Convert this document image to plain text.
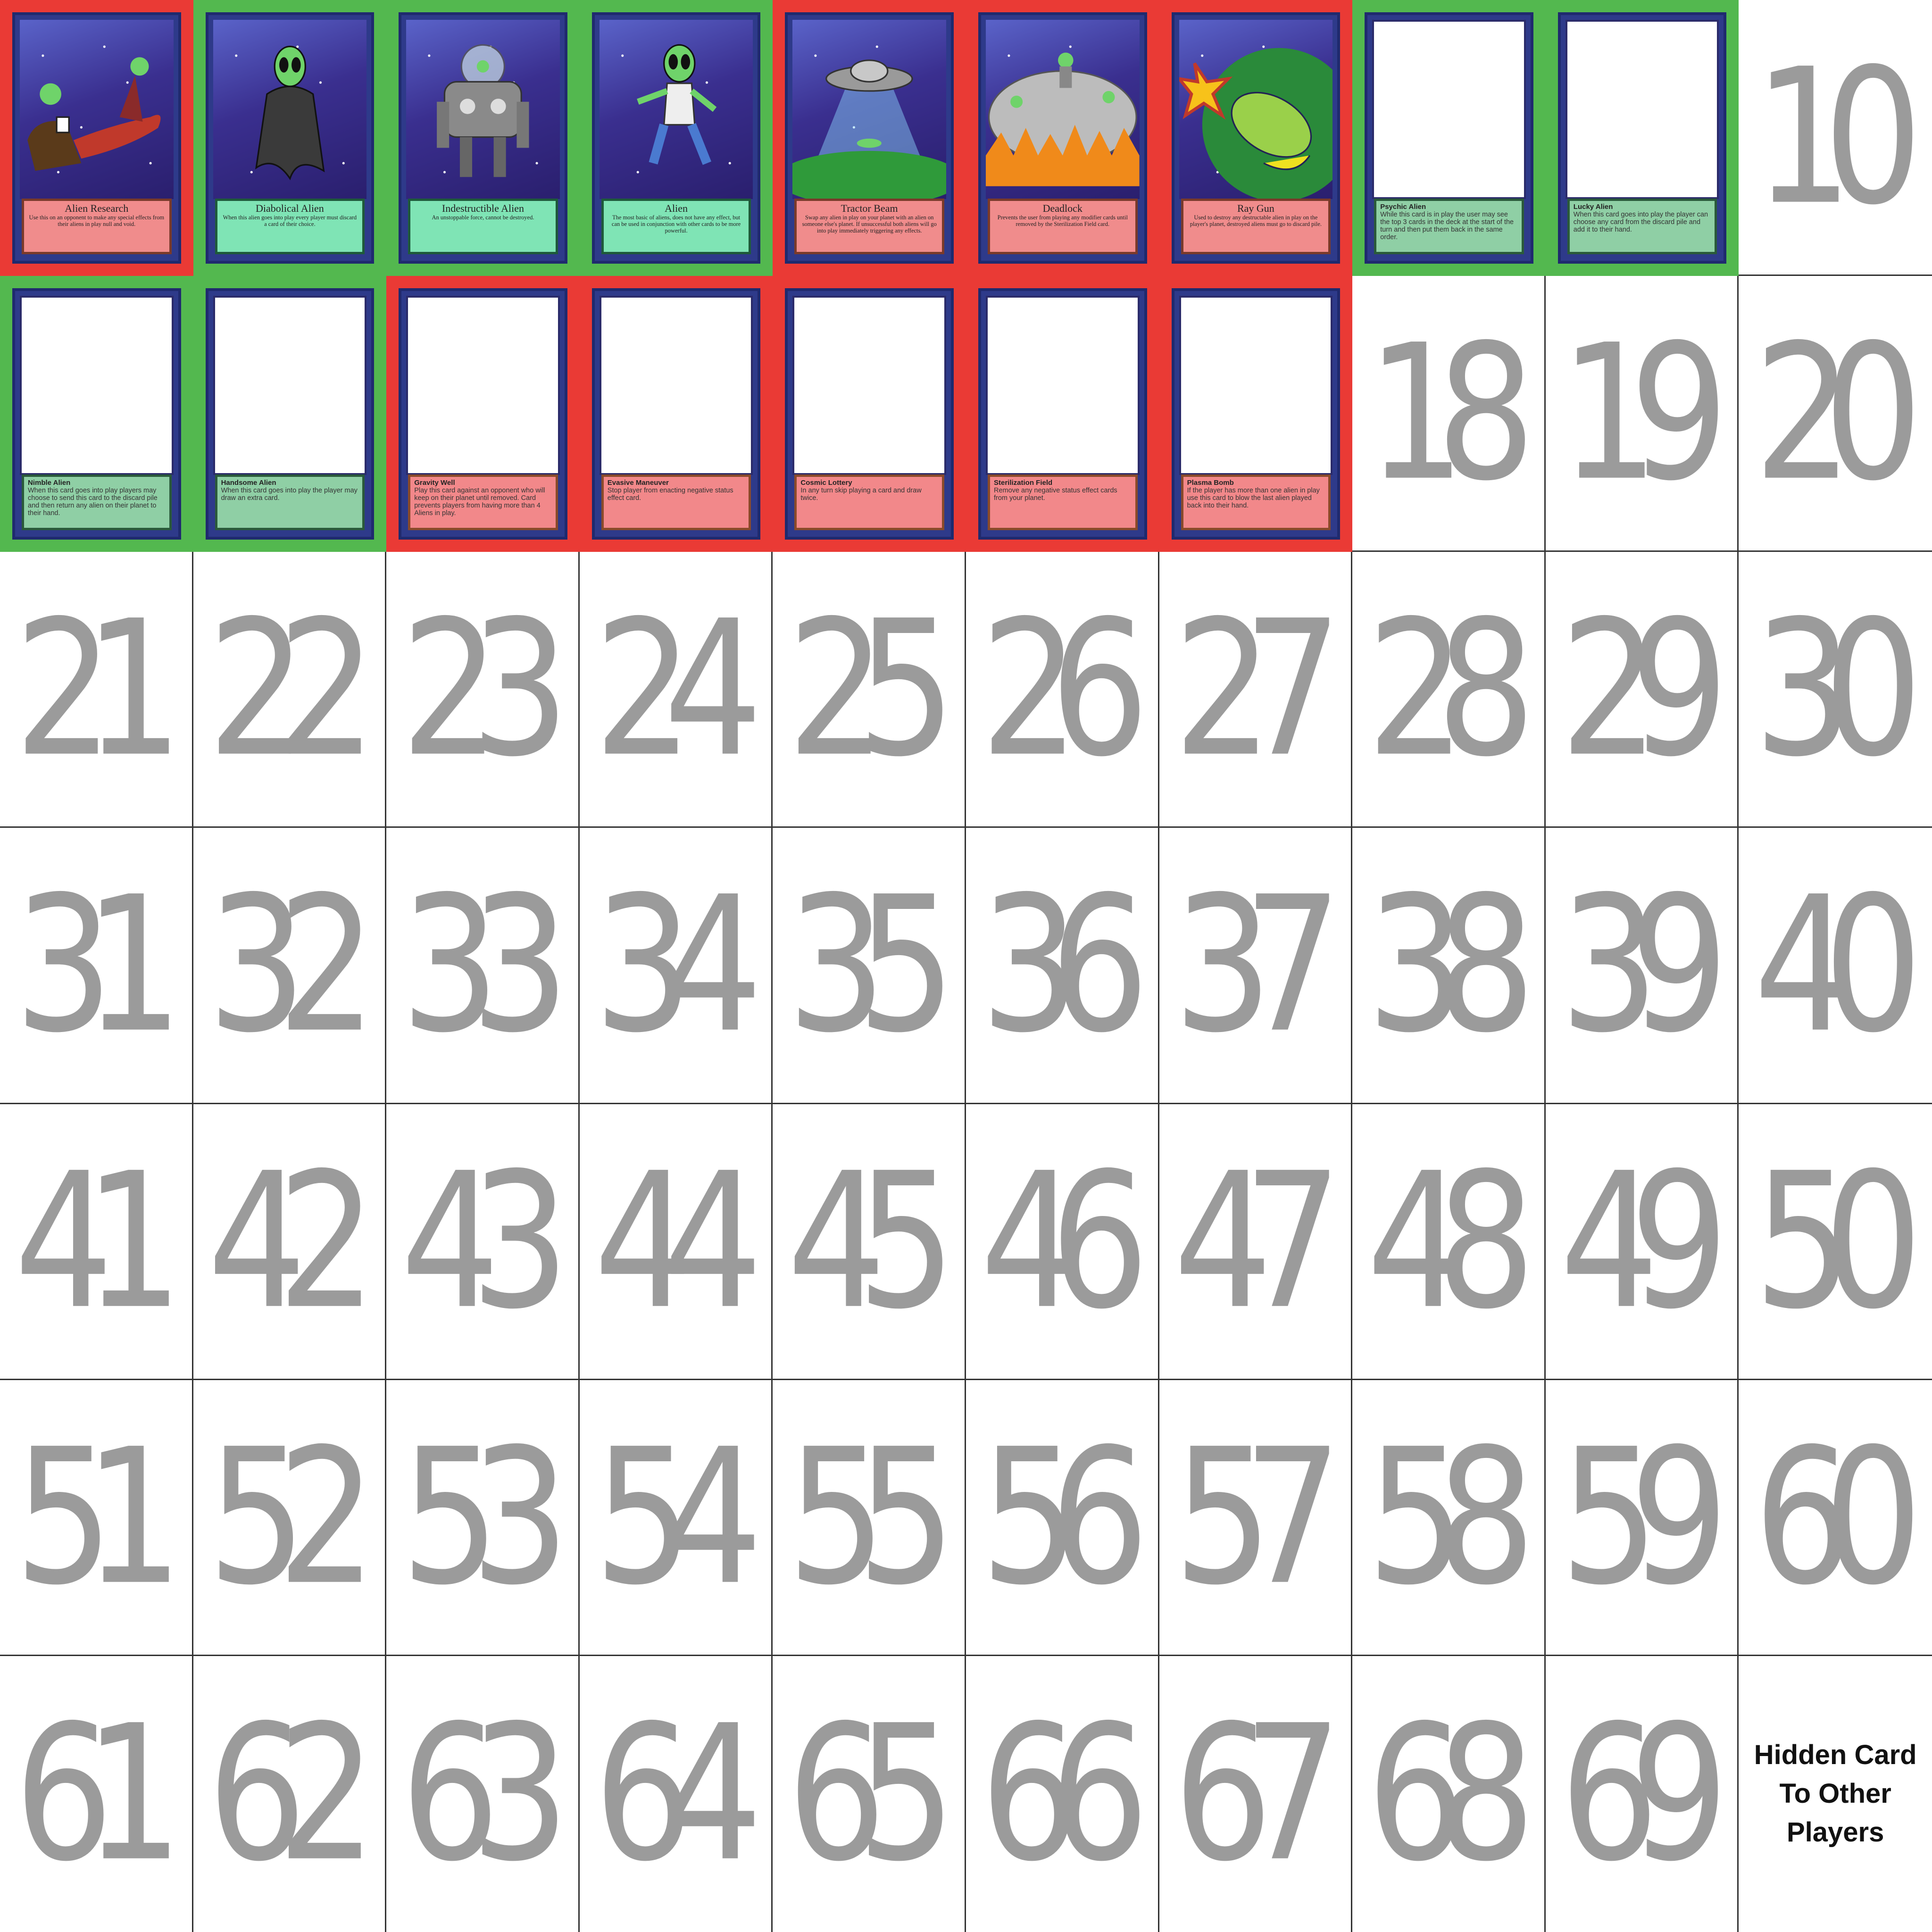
Alien Research
Use this on an opponent to make any special effects from their aliens in play null and void.
Diabolical Alien
When this alien goes into play every player must discard a card of their choice.
Indestructible Alien
An unstoppable force, cannot be destroyed.
Alien
The most basic of aliens, does not have any effect, but can be used in conjunction with other cards to be more powerful.
Tractor Beam
Swap any alien in play on your planet with an alien on someone else's planet. If unsuccessful both aliens will go into play immediately triggering any effects.
Deadlock
Prevents the user from playing any modifier cards until removed by the Sterilization Field card.
Ray Gun
Used to destroy any destructable alien in play on the player's planet, destroyed aliens must go to discard pile.
Psychic Alien
While this card is in play the user may see the top 3 cards in the deck at the start of the turn and then put them back in the same order.
Lucky Alien
When this card goes into play the player can choose any card from the discard pile and add it to their hand. 10
Nimble Alien
When this card goes into play players may choose to send this card to the discard pile and then return any alien on their planet to their hand.
Handsome Alien
When this card goes into play the player may draw an extra card.
Gravity Well
Play this card against an opponent who will keep on their planet until removed. Card prevents players from having more than 4 Aliens in play.
Evasive Maneuver
Stop player from enacting negative status effect card.
Cosmic Lottery
In any turn skip playing a card and draw twice.
Sterilization Field
Remove any negative status effect cards from your planet.
Plasma Bomb
If the player has more than one alien in play use this card to blow the last alien played back into their hand. 18 19 20
21 22 23 24 25 26 27 28 29 30
31 32 33 34 35 36 37 38 39 40
41 42 43 44 45 46 47 48 49 50
51 52 53 54 55 56 57 58 59 60
61 62 63 64 65 66 67 68 69	Hidden Card
To Other
Players
